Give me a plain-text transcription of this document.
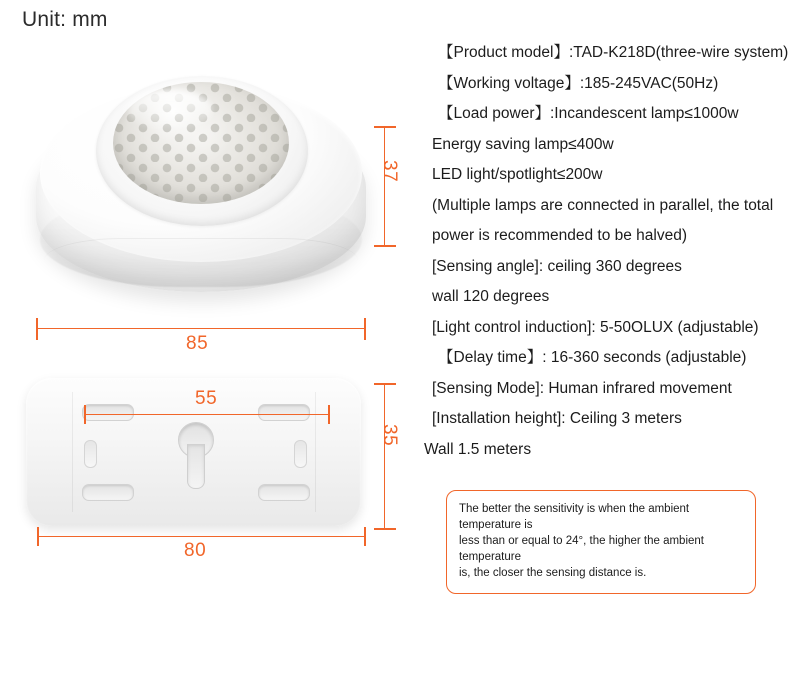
Unit: mm
37
85
55
35
80
【Product model】:TAD-K218D(three-wire system)
【Working voltage】:185-245VAC(50Hz)
【Load power】:Incandescent lamp≤1000w
Energy saving lamp≤400w
LED light/spotlight≤200w
(Multiple lamps are connected in parallel, the total
power is recommended to be halved)
[Sensing angle]: ceiling 360 degrees
wall 120 degrees
[Light control induction]: 5-50OLUX (adjustable)
【Delay time】: 16-360 seconds (adjustable)
[Sensing Mode]: Human infrared movement
[Installation height]: Ceiling 3 meters
Wall 1.5 meters
The better the sensitivity is when the ambient temperature is
less than or equal to 24°, the higher the ambient temperature
is, the closer the sensing distance is.
